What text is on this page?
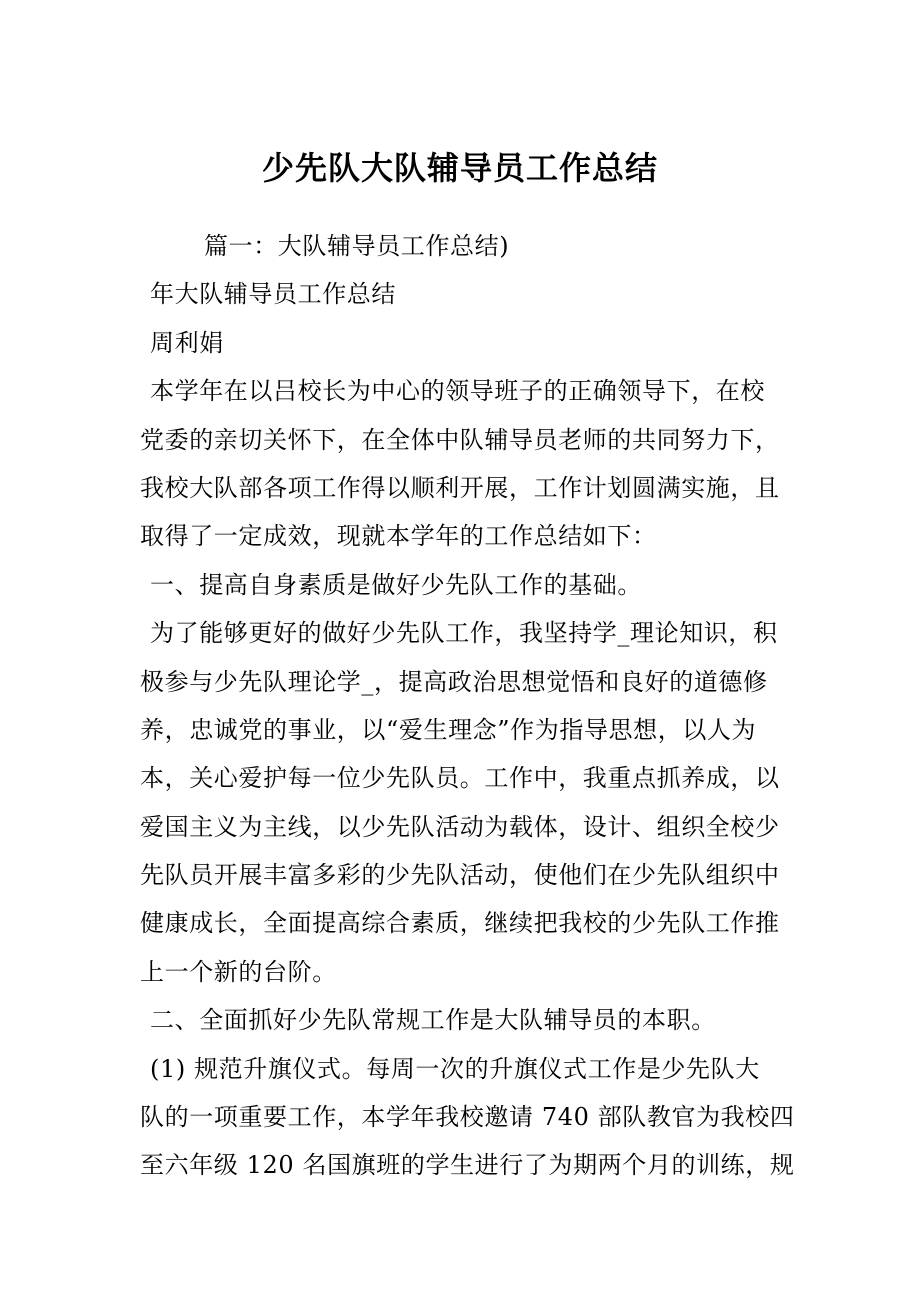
少先队大队辅导员工作总结
篇一：大队辅导员工作总结)
年大队辅导员工作总结
周利娟
本学年在以吕校长为中心的领导班子的正确领导下，在校
党委的亲切关怀下，在全体中队辅导员老师的共同努力下，
我校大队部各项工作得以顺利开展，工作计划圆满实施，且
取得了一定成效，现就本学年的工作总结如下：
一、提高自身素质是做好少先队工作的基础。
为了能够更好的做好少先队工作，我坚持学_理论知识，积
极参与少先队理论学_，提高政治思想觉悟和良好的道德修
养，忠诚党的事业，以“爱生理念”作为指导思想，以人为
本，关心爱护每一位少先队员。工作中，我重点抓养成，以
爱国主义为主线，以少先队活动为载体，设计、组织全校少
先队员开展丰富多彩的少先队活动，使他们在少先队组织中
健康成长，全面提高综合素质，继续把我校的少先队工作推
上一个新的台阶。
二、全面抓好少先队常规工作是大队辅导员的本职。
(1) 规范升旗仪式。每周一次的升旗仪式工作是少先队大
队的一项重要工作，本学年我校邀请 740 部队教官为我校四
至六年级 120 名国旗班的学生进行了为期两个月的训练，规
